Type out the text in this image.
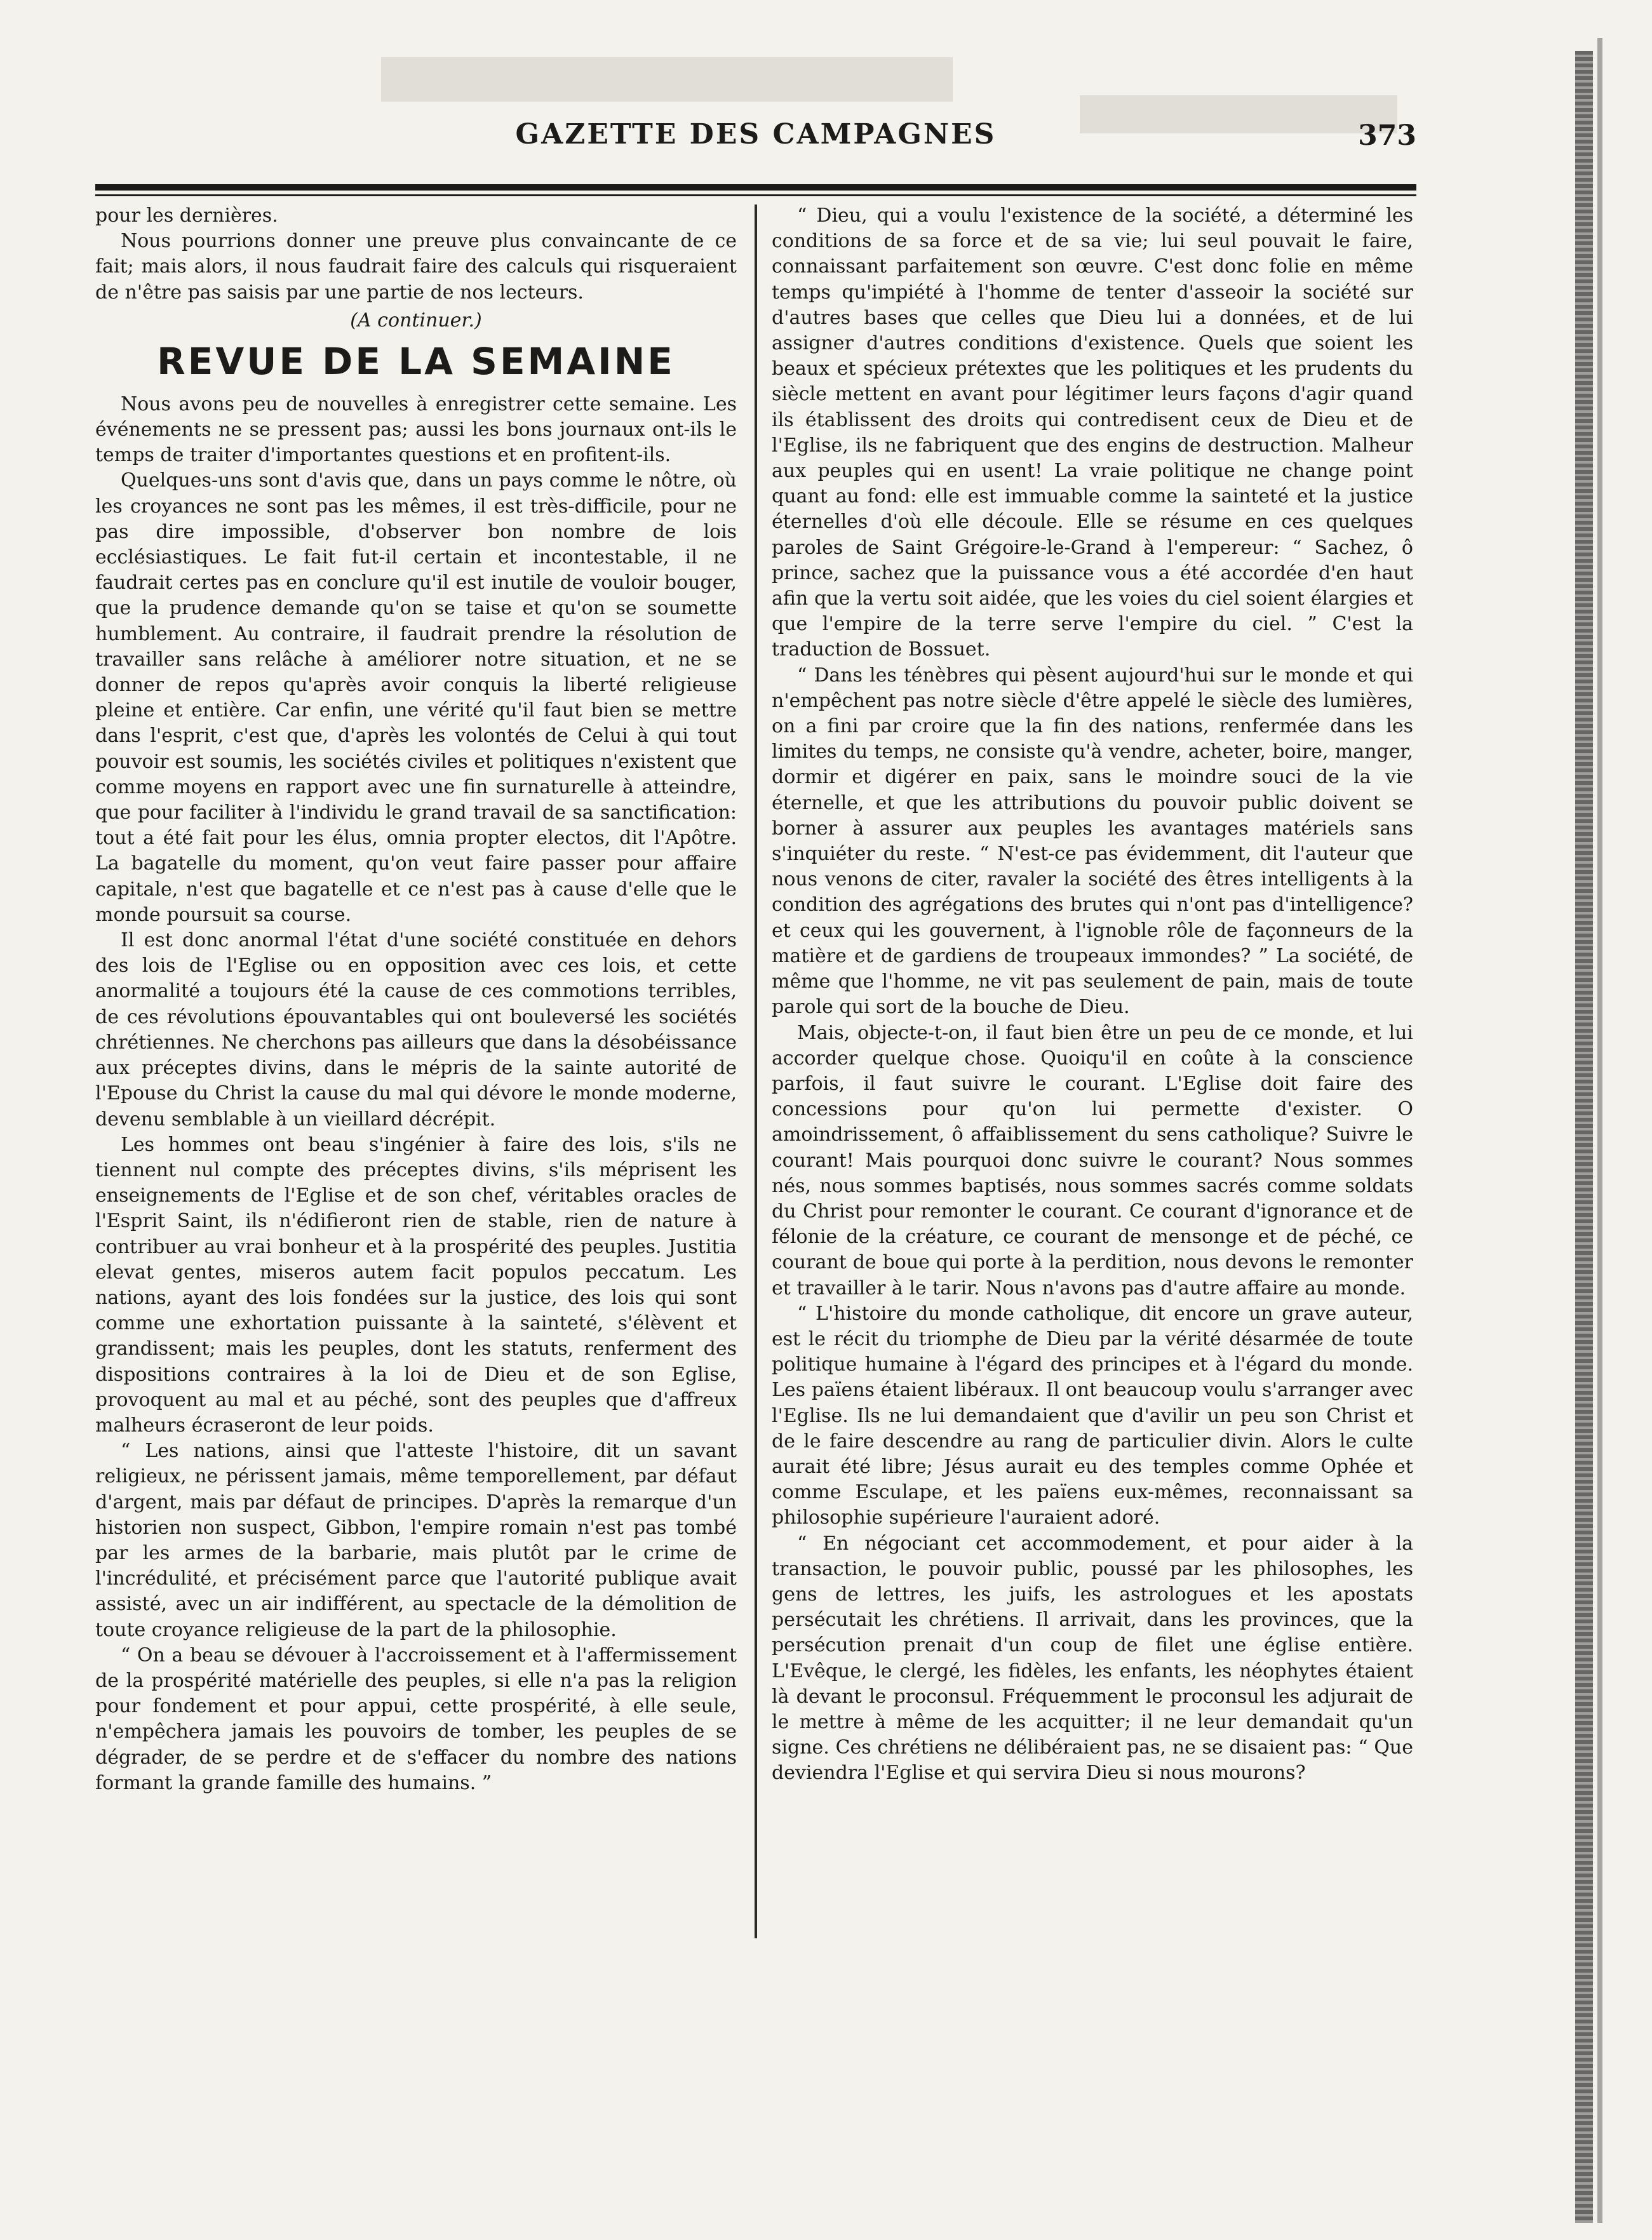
GAZETTE DES CAMPAGNES	373

pour les dernières.

Nous pourrions donner une preuve plus convaincante de ce fait; mais alors, il nous faudrait faire des calculs qui risqueraient de n'être pas saisis par une partie de nos lecteurs.

(A continuer.)
REVUE DE LA SEMAINE

Nous avons peu de nouvelles à enregistrer cette semaine. Les événements ne se pressent pas; aussi les bons journaux ont-ils le temps de traiter d'importantes questions et en profitent-ils.

Quelques-uns sont d'avis que, dans un pays comme le nôtre, où les croyances ne sont pas les mêmes, il est très-difficile, pour ne pas dire impossible, d'observer bon nombre de lois ecclésiastiques. Le fait fut-il certain et incontestable, il ne faudrait certes pas en conclure qu'il est inutile de vouloir bouger, que la prudence demande qu'on se taise et qu'on se soumette humblement. Au contraire, il faudrait prendre la résolution de travailler sans relâche à améliorer notre situation, et ne se donner de repos qu'après avoir conquis la liberté religieuse pleine et entière. Car enfin, une vérité qu'il faut bien se mettre dans l'esprit, c'est que, d'après les volontés de Celui à qui tout pouvoir est soumis, les sociétés civiles et politiques n'existent que comme moyens en rapport avec une fin surnaturelle à atteindre, que pour faciliter à l'individu le grand travail de sa sanctification: tout a été fait pour les élus, omnia propter electos, dit l'Apôtre. La bagatelle du moment, qu'on veut faire passer pour affaire capitale, n'est que bagatelle et ce n'est pas à cause d'elle que le monde poursuit sa course.

Il est donc anormal l'état d'une société constituée en dehors des lois de l'Eglise ou en opposition avec ces lois, et cette anormalité a toujours été la cause de ces commotions terribles, de ces révolutions épouvantables qui ont bouleversé les sociétés chrétiennes. Ne cherchons pas ailleurs que dans la désobéissance aux préceptes divins, dans le mépris de la sainte autorité de l'Epouse du Christ la cause du mal qui dévore le monde moderne, devenu semblable à un vieillard décrépit.

Les hommes ont beau s'ingénier à faire des lois, s'ils ne tiennent nul compte des préceptes divins, s'ils méprisent les enseignements de l'Eglise et de son chef, véritables oracles de l'Esprit Saint, ils n'édifieront rien de stable, rien de nature à contribuer au vrai bonheur et à la prospérité des peuples. Justitia elevat gentes, miseros autem facit populos peccatum. Les nations, ayant des lois fondées sur la justice, des lois qui sont comme une exhortation puissante à la sainteté, s'élèvent et grandissent; mais les peuples, dont les statuts, renferment des dispositions contraires à la loi de Dieu et de son Eglise, provoquent au mal et au péché, sont des peuples que d'affreux malheurs écraseront de leur poids.

“ Les nations, ainsi que l'atteste l'histoire, dit un savant religieux, ne périssent jamais, même temporellement, par défaut d'argent, mais par défaut de principes. D'après la remarque d'un historien non suspect, Gibbon, l'empire romain n'est pas tombé par les armes de la barbarie, mais plutôt par le crime de l'incrédulité, et précisément parce que l'autorité publique avait assisté, avec un air indifférent, au spectacle de la démolition de toute croyance religieuse de la part de la philosophie.

“ On a beau se dévouer à l'accroissement et à l'affermissement de la prospérité matérielle des peuples, si elle n'a pas la religion pour fondement et pour appui, cette prospérité, à elle seule, n'empêchera jamais les pouvoirs de tomber, les peuples de se dégrader, de se perdre et de s'effacer du nombre des nations formant la grande famille des humains. ”

“ Dieu, qui a voulu l'existence de la société, a déterminé les conditions de sa force et de sa vie; lui seul pouvait le faire, connaissant parfaitement son œuvre. C'est donc folie en même temps qu'impiété à l'homme de tenter d'asseoir la société sur d'autres bases que celles que Dieu lui a données, et de lui assigner d'autres conditions d'existence. Quels que soient les beaux et spécieux prétextes que les politiques et les prudents du siècle mettent en avant pour légitimer leurs façons d'agir quand ils établissent des droits qui contredisent ceux de Dieu et de l'Eglise, ils ne fabriquent que des engins de destruction. Malheur aux peuples qui en usent! La vraie politique ne change point quant au fond: elle est immuable comme la sainteté et la justice éternelles d'où elle découle. Elle se résume en ces quelques paroles de Saint Grégoire-le-Grand à l'empereur: “ Sachez, ô prince, sachez que la puissance vous a été accordée d'en haut afin que la vertu soit aidée, que les voies du ciel soient élargies et que l'empire de la terre serve l'empire du ciel. ” C'est la traduction de Bossuet.

“ Dans les ténèbres qui pèsent aujourd'hui sur le monde et qui n'empêchent pas notre siècle d'être appelé le siècle des lumières, on a fini par croire que la fin des nations, renfermée dans les limites du temps, ne consiste qu'à vendre, acheter, boire, manger, dormir et digérer en paix, sans le moindre souci de la vie éternelle, et que les attributions du pouvoir public doivent se borner à assurer aux peuples les avantages matériels sans s'inquiéter du reste. “ N'est-ce pas évidemment, dit l'auteur que nous venons de citer, ravaler la société des êtres intelligents à la condition des agrégations des brutes qui n'ont pas d'intelligence? et ceux qui les gouvernent, à l'ignoble rôle de façonneurs de la matière et de gardiens de troupeaux immondes? ” La société, de même que l'homme, ne vit pas seulement de pain, mais de toute parole qui sort de la bouche de Dieu.

Mais, objecte-t-on, il faut bien être un peu de ce monde, et lui accorder quelque chose. Quoiqu'il en coûte à la conscience parfois, il faut suivre le courant. L'Eglise doit faire des concessions pour qu'on lui permette d'exister. O amoindrissement, ô affaiblissement du sens catholique? Suivre le courant! Mais pourquoi donc suivre le courant? Nous sommes nés, nous sommes baptisés, nous sommes sacrés comme soldats du Christ pour remonter le courant. Ce courant d'ignorance et de félonie de la créature, ce courant de mensonge et de péché, ce courant de boue qui porte à la perdition, nous devons le remonter et travailler à le tarir. Nous n'avons pas d'autre affaire au monde.

“ L'histoire du monde catholique, dit encore un grave auteur, est le récit du triomphe de Dieu par la vérité désarmée de toute politique humaine à l'égard des principes et à l'égard du monde. Les païens étaient libéraux. Il ont beaucoup voulu s'arranger avec l'Eglise. Ils ne lui demandaient que d'avilir un peu son Christ et de le faire descendre au rang de particulier divin. Alors le culte aurait été libre; Jésus aurait eu des temples comme Ophée et comme Esculape, et les païens eux-mêmes, reconnaissant sa philosophie supérieure l'auraient adoré.

“ En négociant cet accommodement, et pour aider à la transaction, le pouvoir public, poussé par les philosophes, les gens de lettres, les juifs, les astrologues et les apostats persécutait les chrétiens. Il arrivait, dans les provinces, que la persécution prenait d'un coup de filet une église entière. L'Evêque, le clergé, les fidèles, les enfants, les néophytes étaient là devant le proconsul. Fréquemment le proconsul les adjurait de le mettre à même de les acquitter; il ne leur demandait qu'un signe. Ces chrétiens ne délibéraient pas, ne se disaient pas: “ Que deviendra l'Eglise et qui servira Dieu si nous mourons?
